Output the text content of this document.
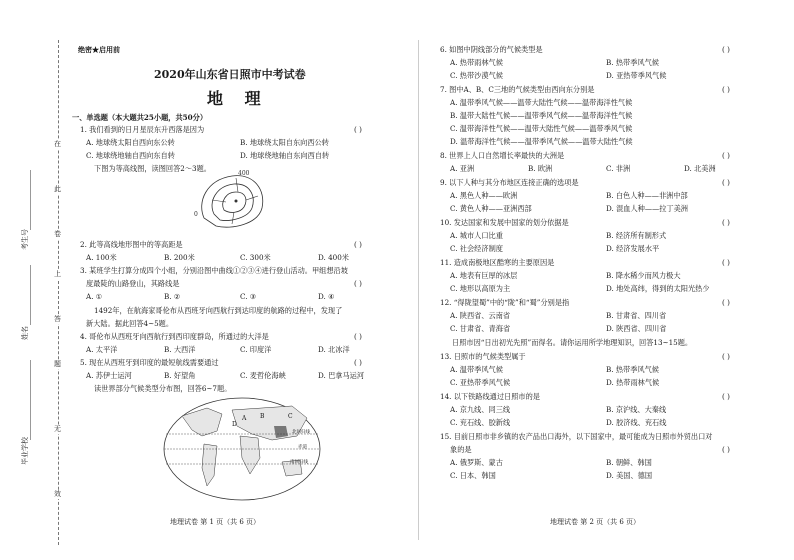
在
此
卷
上
答
题
无
效
考生号
姓名
毕业学校
绝密★启用前
2020年山东省日照市中考试卷
地 理
一、单选题（本大题共25小题，共50分）
1. 我们看到的日月星辰东升西落是因为	( )
A. 地球绕太阳自西向东公转	B. 地球绕太阳自东向西公转
C. 地球绕地轴自西向东自转	D. 地球绕地轴自东向西自转
下图为等高线图，读图回答2～3题。
0
400
2. 此等高线地形图中的等高距是	( )
A. 100米	B. 200米	C. 300米	D. 400米
3. 某班学生打算分成四个小组，分别沿图中曲线①②③④进行登山活动。甲组想沿坡
度最陡的山路登山，其路线是	( )
A. ①	B. ②	C. ③	D. ④
1492年，在航海家哥伦布从西班牙向西航行到达印度的航路的过程中，发现了
新大陆。据此回答4~5题。
4. 哥伦布从西班牙向西航行到西印度群岛，所通过的大洋是	( )
A. 太平洋	B. 大西洋	C. 印度洋	D. 北冰洋
5. 现在从西班牙到印度的最短航线需要通过	( )
A. 苏伊士运河	B. 好望角	C. 麦哲伦海峡	D. 巴拿马运河
读世界部分气候类型分布图，回答6~7题。
A B	C
D
北回归线
赤道
南回归线
地理试卷 第 1 页（共 6 页）
6. 如图中阴线部分的气候类型是	( )
A. 热带雨林气候	B. 热带季风气候
C. 热带沙漠气候	D. 亚热带季风气候
7. 图中A、B、C三地的气候类型由西向东分别是	( )
A. 温带季风气候——温带大陆性气候——温带海洋性气候
B. 温带大陆性气候——温带季风气候——温带海洋性气候
C. 温带海洋性气候——温带大陆性气候——温带季风气候
D. 温带海洋性气候——温带季风气候——温带大陆性气候
8. 世界上人口自然增长率最快的大洲是	( )
A. 亚洲	B. 欧洲	C. 非洲	D. 北美洲
9. 以下人种与其分布地区连接正确的选项是	( )
A. 黑色人种——欧洲	B. 白色人种——非洲中部
C. 黄色人种——亚洲西部	D. 混血人种——拉丁美洲
10. 发达国家和发展中国家的划分依据是	( )
A. 城市人口比重	B. 经济所有制形式
C. 社会经济制度	D. 经济发展水平
11. 造成南极地区酷寒的主要原因是	( )
A. 地表有巨厚的冰层	B. 降水稀少而风力极大
C. 地形以高原为主	D. 地处高纬，得到的太阳光热少
12. “得陇望蜀”中的“陇”和“蜀”分别是指	( )
A. 陕西省、云南省	B. 甘肃省、四川省
C. 甘肃省、青海省	D. 陕西省、四川省
日照市因“日出初光先照”而得名。请你运用所学地理知识，回答13~15题。
13. 日照市的气候类型属于	( )
A. 温带季风气候	B. 热带季风气候
C. 亚热带季风气候	D. 热带雨林气候
14. 以下铁路线通过日照市的是	( )
A. 京九线、同三线	B. 京沪线、大秦线
C. 兖石线、胶新线	D. 胶济线、兖石线
15. 目前日照市非乡镇的农产品出口海外，以下国家中，最可能成为日照市外贸出口对
象的是	( )
A. 俄罗斯、蒙古	B. 朝鲜、韩国
C. 日本、韩国	D. 美国、德国
地理试卷 第 2 页（共 6 页）
